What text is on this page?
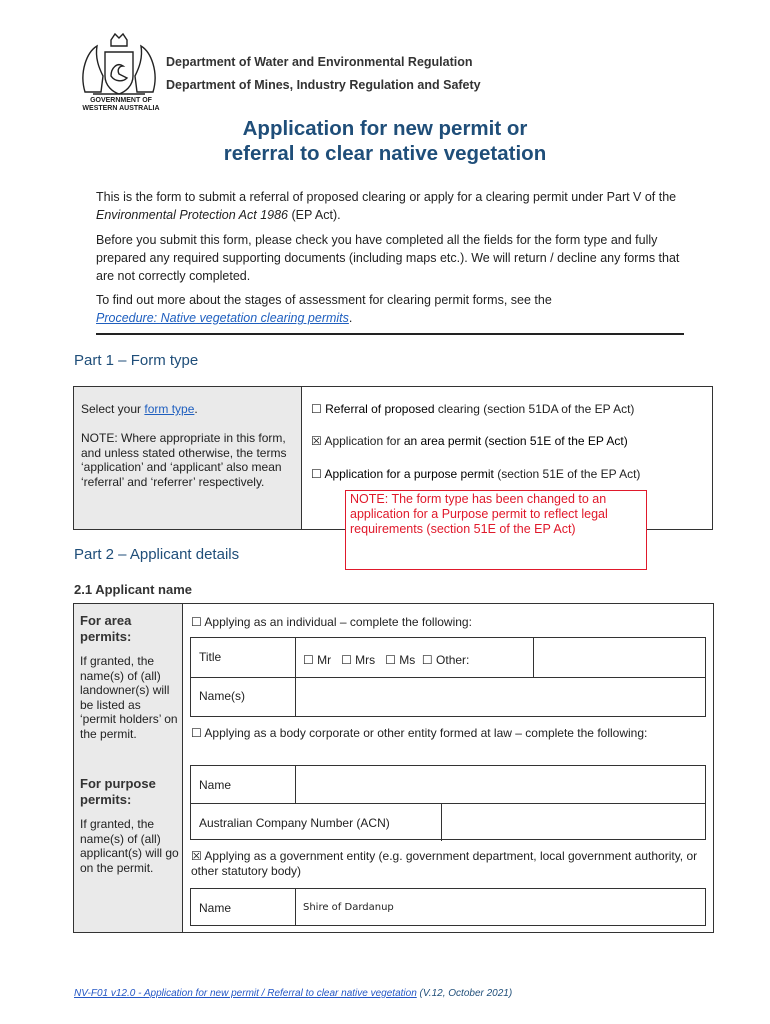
GOVERNMENT OF
WESTERN AUSTRALIA
Department of Water and Environmental Regulation
Department of Mines, Industry Regulation and Safety
Application for new permit or
referral to clear native vegetation
This is the form to submit a referral of proposed clearing or apply for a clearing permit under Part V of the Environmental Protection Act 1986 (EP Act).
Before you submit this form, please check you have completed all the fields for the form type and fully prepared any required supporting documents (including maps etc.). We will return / decline any forms that are not correctly completed.
To find out more about the stages of assessment for clearing permit forms, see the
Procedure: Native vegetation clearing permits.
Part 1 – Form type
Select your form type.
NOTE: Where appropriate in this form, and unless stated otherwise, the terms ‘application’ and ‘applicant’ also mean ‘referral’ and ‘referrer’ respectively.
☐ Referral of proposed clearing (section 51DA of the EP Act)
☒ Application for an area permit (section 51E of the EP Act)
☐ Application for a purpose permit (section 51E of the EP Act)
NOTE: The form type has been changed to an application for a Purpose permit to reflect legal requirements (section 51E of the EP Act)
Part 2 – Applicant details
2.1 Applicant name
For area permits:
If granted, the name(s) of (all) landowner(s) will be listed as ‘permit holders’ on the permit.
For purpose permits:
If granted, the name(s) of (all) applicant(s) will go on the permit.
☐ Applying as an individual – complete the following:
Title	☐ Mr   ☐ Mrs   ☐ Ms  ☐ Other:
Name(s)
☐ Applying as a body corporate or other entity formed at law – complete the following:
Name
Australian Company Number (ACN)
☒ Applying as a government entity (e.g. government department, local government authority, or other statutory body)
Name	Shire of Dardanup
NV-F01 v12.0 - Application for new permit / Referral to clear native vegetation (V.12, October 2021)
